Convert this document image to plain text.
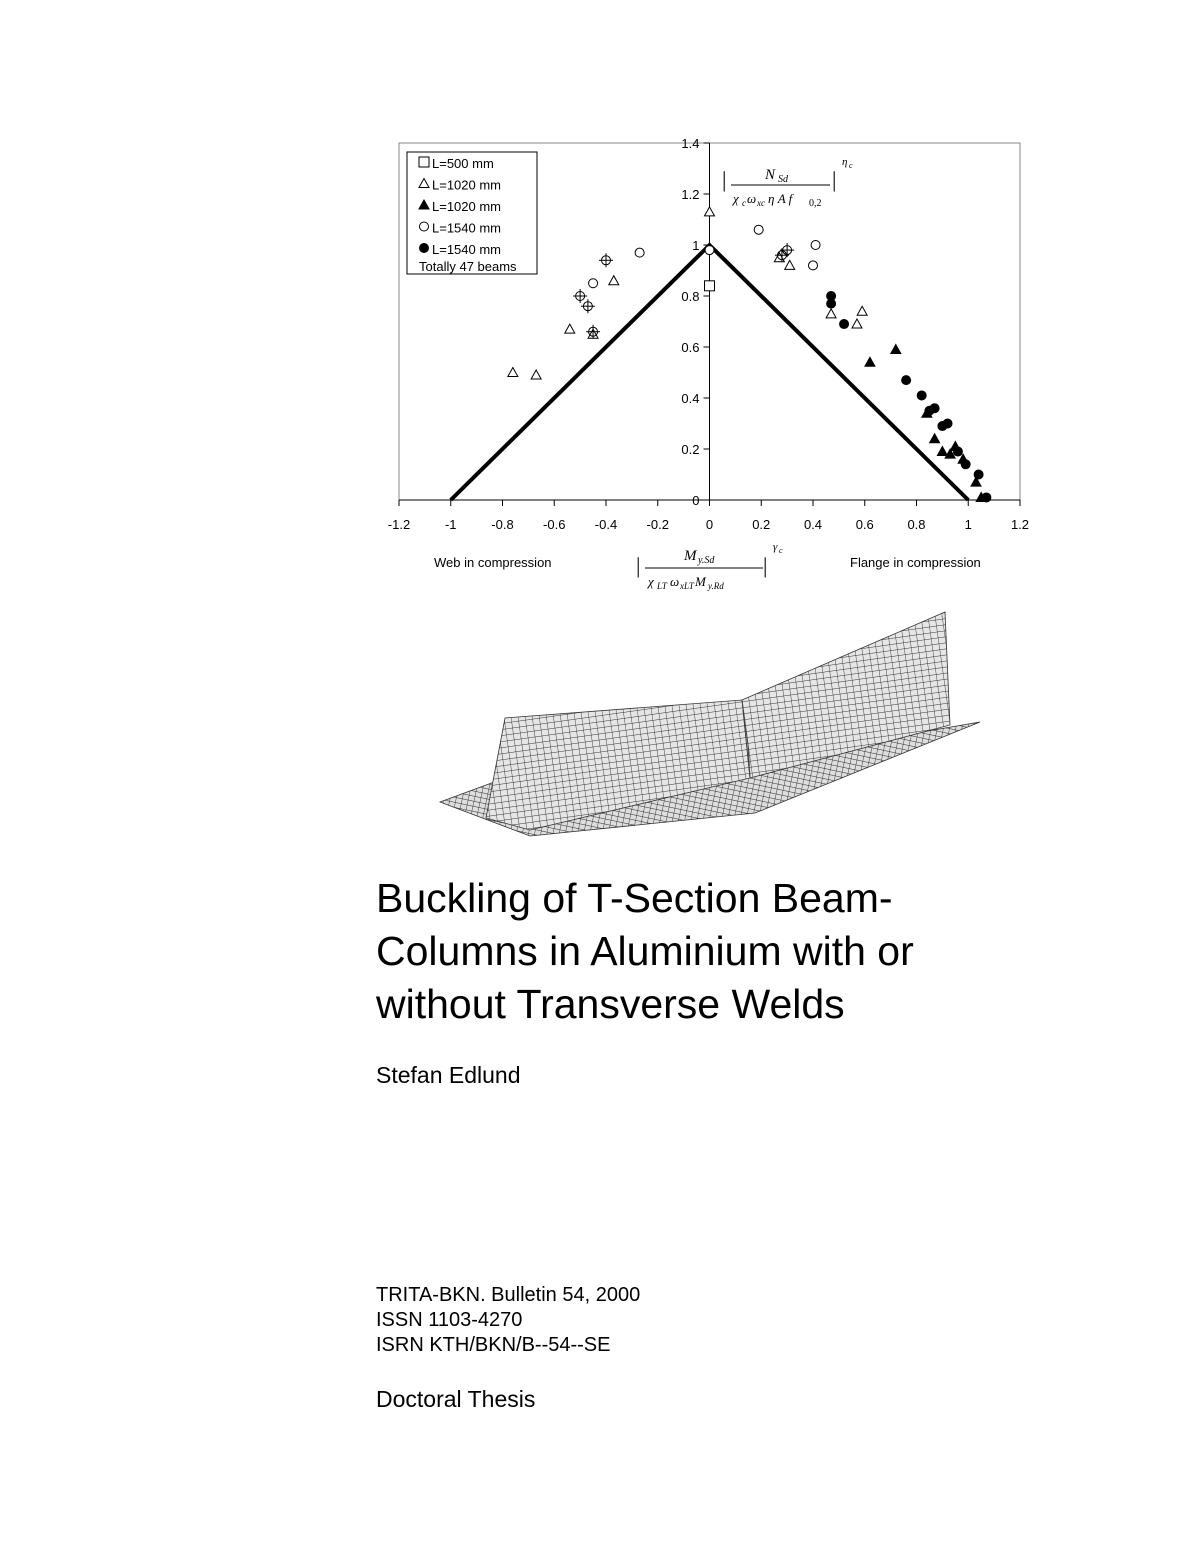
-1.2	-1	-0.8 -0.6 -0.4 -0.2	0	0.2	0.4	0.6	0.8	1	1.2
0
0.2
0.4
0.6
0.8
1
1.2
1.4
L=500 mm
L=1020 mm
L=1020 mm
L=1540 mm
L=1540 mm
Totally 47 beams
|	N Sd
χ c ω xc η A f 0,2
|
η c
|	M y.Sd
χ LT ω xLT M y.Rd
|
γ c
Web in compression	Flange in compression
Buckling of T-Section Beam-
Columns in Aluminium with or
without Transverse Welds
Stefan Edlund
TRITA-BKN. Bulletin 54, 2000
ISSN 1103-4270
ISRN KTH/BKN/B--54--SE
Doctoral Thesis
